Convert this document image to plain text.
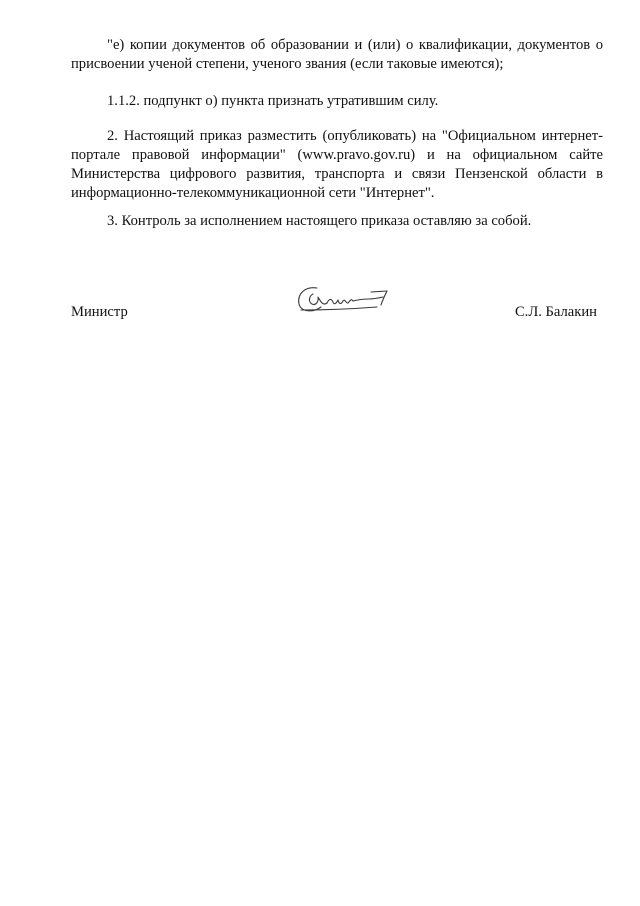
"е) копии документов об образовании и (или) о квалификации, документов о присвоении ученой степени, ученого звания (если таковые имеются);

1.1.2. подпункт о) пункта признать утратившим силу.

2. Настоящий приказ разместить (опубликовать) на "Официальном интернет-портале правовой информации" (www.pravo.gov.ru) и на официальном сайте Министерства цифрового развития, транспорта и связи Пензенской области в информационно-телекоммуникационной сети "Интернет".

3. Контроль за исполнением настоящего приказа оставляю за собой.

Министр	С.Л. Балакин
